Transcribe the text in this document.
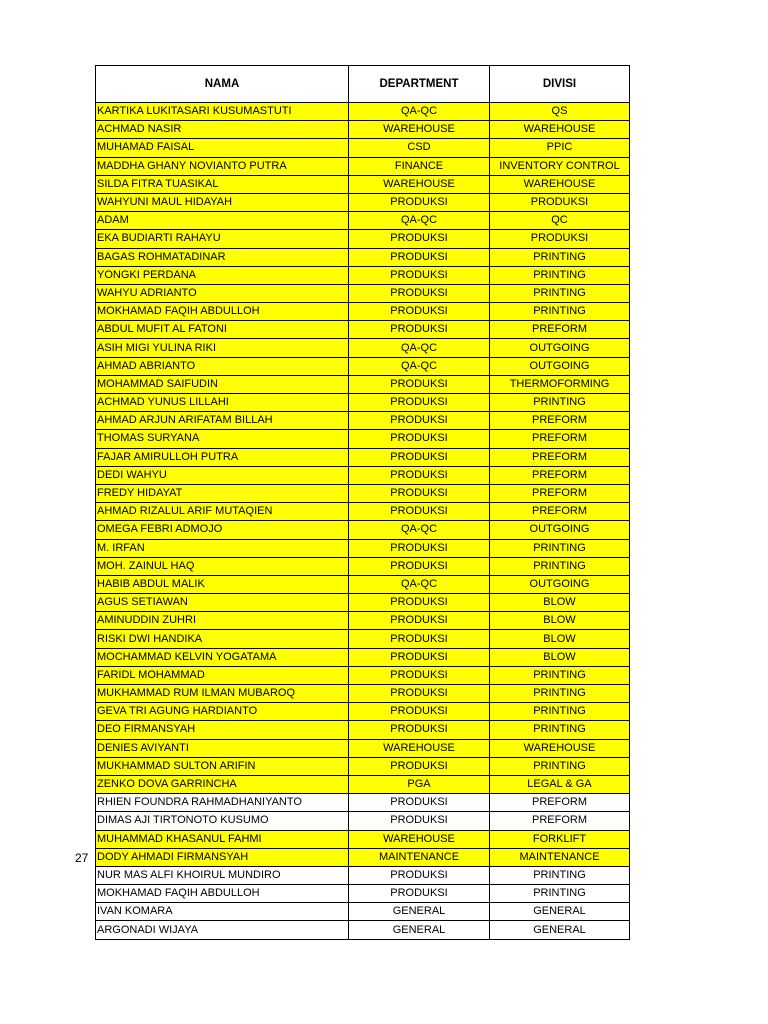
NAMA	DEPARTMENT	DIVISI
KARTIKA LUKITASARI KUSUMASTUTI	QA-QC	QS
ACHMAD NASIR	WAREHOUSE	WAREHOUSE
MUHAMAD FAISAL	CSD	PPIC
MADDHA GHANY NOVIANTO PUTRA	FINANCE	INVENTORY CONTROL
SILDA FITRA TUASIKAL	WAREHOUSE	WAREHOUSE
WAHYUNI MAUL HIDAYAH	PRODUKSI	PRODUKSI
ADAM	QA-QC	QC
EKA BUDIARTI RAHAYU	PRODUKSI	PRODUKSI
BAGAS ROHMATADINAR	PRODUKSI	PRINTING
YONGKI PERDANA	PRODUKSI	PRINTING
WAHYU ADRIANTO	PRODUKSI	PRINTING
MOKHAMAD FAQIH ABDULLOH	PRODUKSI	PRINTING
ABDUL MUFIT AL FATONI	PRODUKSI	PREFORM
ASIH MIGI YULINA RIKI	QA-QC	OUTGOING
AHMAD ABRIANTO	QA-QC	OUTGOING
MOHAMMAD SAIFUDIN	PRODUKSI	THERMOFORMING
ACHMAD YUNUS LILLAHI	PRODUKSI	PRINTING
AHMAD ARJUN ARIFATAM BILLAH	PRODUKSI	PREFORM
THOMAS SURYANA	PRODUKSI	PREFORM
FAJAR AMIRULLOH PUTRA	PRODUKSI	PREFORM
DEDI WAHYU	PRODUKSI	PREFORM
FREDY HIDAYAT	PRODUKSI	PREFORM
AHMAD RIZALUL ARIF MUTAQIEN	PRODUKSI	PREFORM
OMEGA FEBRI ADMOJO	QA-QC	OUTGOING
M. IRFAN	PRODUKSI	PRINTING
MOH. ZAINUL HAQ	PRODUKSI	PRINTING
HABIB ABDUL MALIK	QA-QC	OUTGOING
AGUS SETIAWAN	PRODUKSI	BLOW
AMINUDDIN ZUHRI	PRODUKSI	BLOW
RISKI DWI HANDIKA	PRODUKSI	BLOW
MOCHAMMAD KELVIN YOGATAMA	PRODUKSI	BLOW
FARIDL MOHAMMAD	PRODUKSI	PRINTING
MUKHAMMAD RUM ILMAN MUBAROQ	PRODUKSI	PRINTING
GEVA TRI AGUNG HARDIANTO	PRODUKSI	PRINTING
DEO FIRMANSYAH	PRODUKSI	PRINTING
DENIES AVIYANTI	WAREHOUSE	WAREHOUSE
MUKHAMMAD SULTON ARIFIN	PRODUKSI	PRINTING
ZENKO DOVA GARRINCHA	PGA	LEGAL & GA
RHIEN FOUNDRA RAHMADHANIYANTO	PRODUKSI	PREFORM
DIMAS AJI TIRTONOTO KUSUMO	PRODUKSI	PREFORM
MUHAMMAD KHASANUL FAHMI	WAREHOUSE	FORKLIFT
DODY AHMADI FIRMANSYAH	MAINTENANCE	MAINTENANCE
NUR MAS ALFI KHOIRUL MUNDIRO	PRODUKSI	PRINTING
MOKHAMAD FAQIH ABDULLOH	PRODUKSI	PRINTING
IVAN KOMARA	GENERAL	GENERAL
ARGONADI WIJAYA	GENERAL	GENERAL
27
